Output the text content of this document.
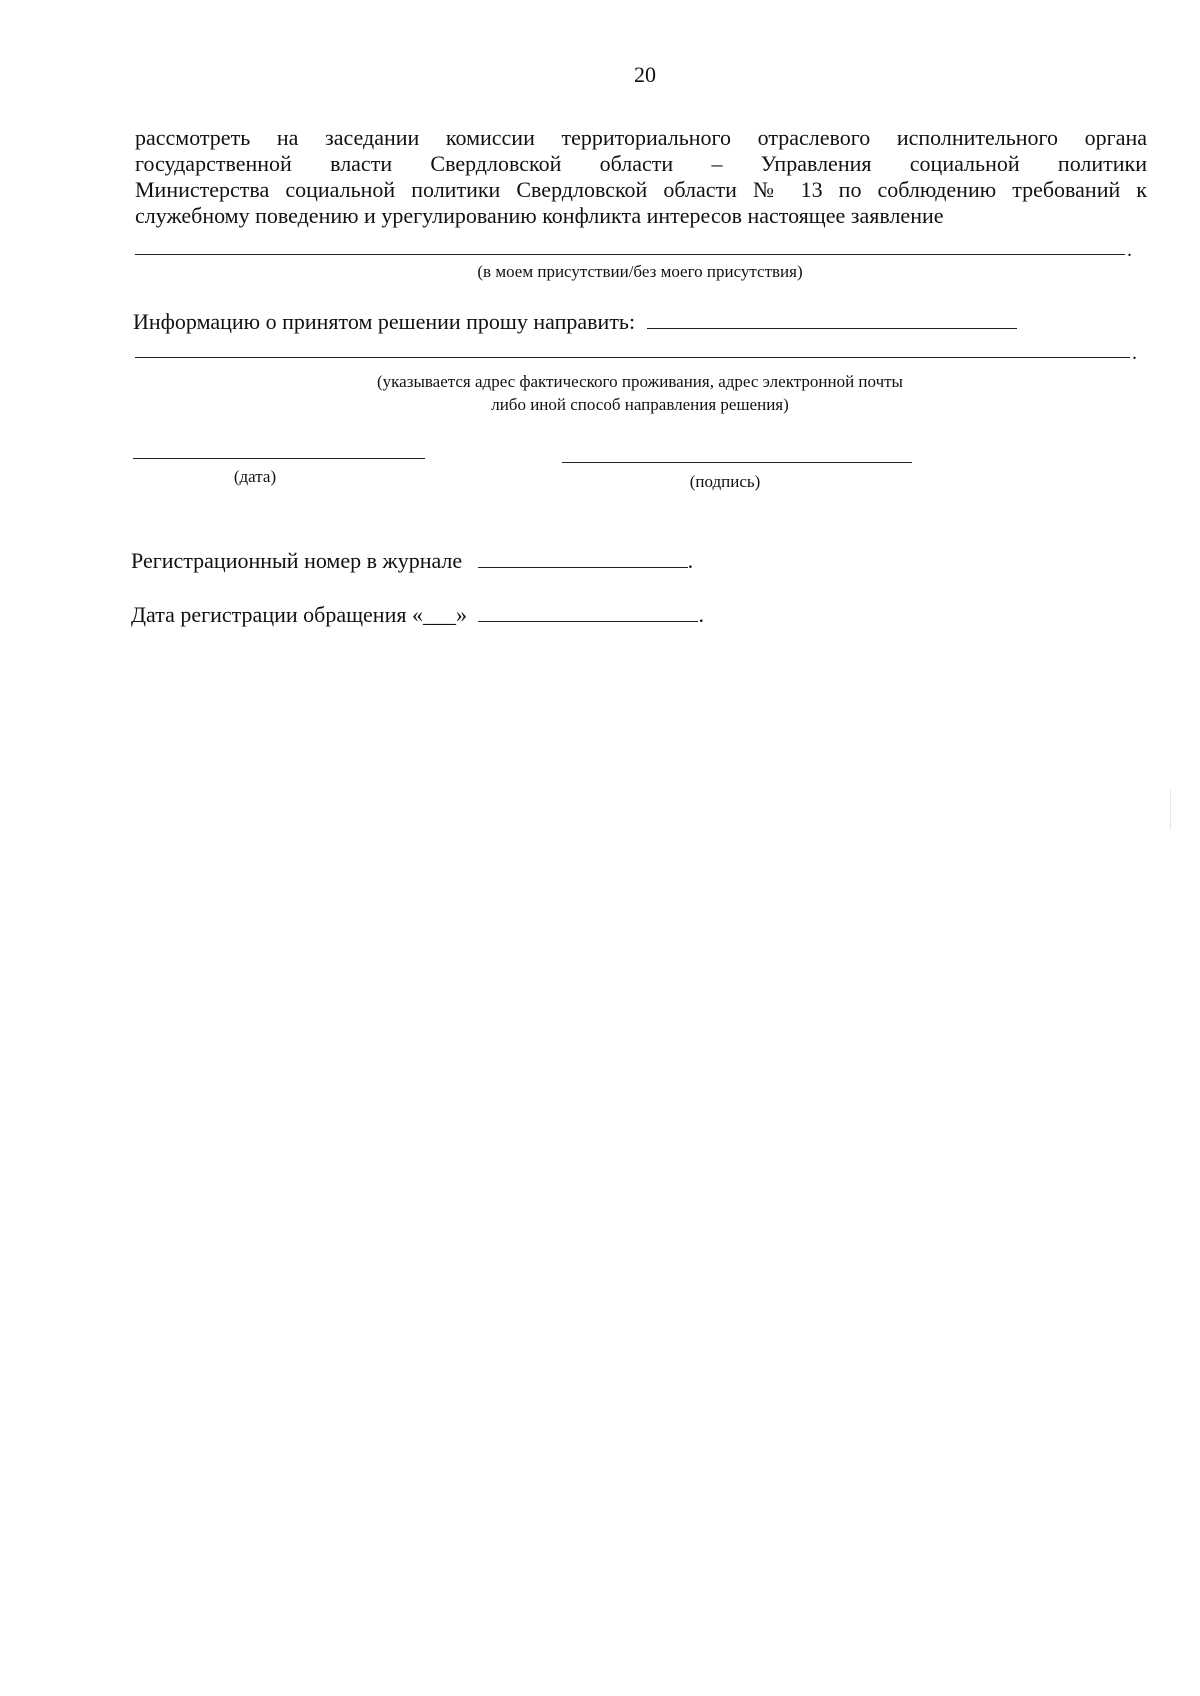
20
рассмотреть на заседании комиссии территориального отраслевого исполнительного органа
государственной власти Свердловской области – Управления социальной политики
Министерства социальной политики Свердловской области № 13 по соблюдению требований к
служебному поведению и урегулированию конфликта интересов настоящее заявление
.
(в моем присутствии/без моего присутствия)
Информацию о принятом решении прошу направить:
.
(указывается адрес фактического проживания, адрес электронной почты
либо иной способ направления решения)
(дата)	(подпись)
Регистрационный номер в журнале	.
Дата регистрации обращения «___»	.
